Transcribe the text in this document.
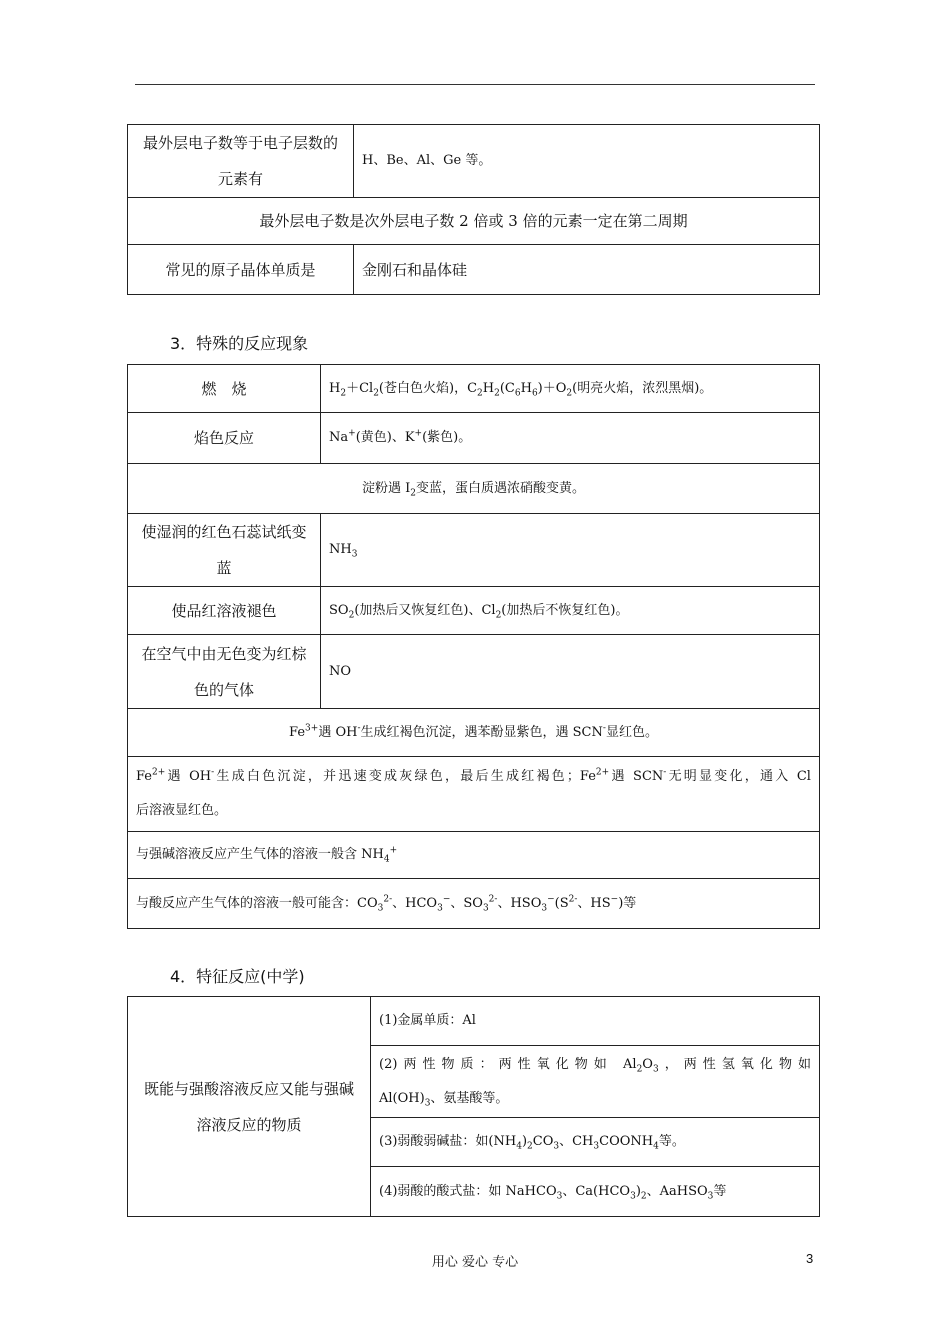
最外层电子数等于电子层数的元素有	H、Be、Al、Ge 等。
最外层电子数是次外层电子数 2 倍或 3 倍的元素一定在第二周期	
常见的原子晶体单质是	金刚石和晶体硅
3．特殊的反应现象
燃　烧	$H_2+Cl_2$(苍白色火焰)，$C_2H_2(C_6H_6)+O_2$(明亮火焰，浓烈黑烟)。
焰色反应	Na+(黄色)、K+(紫色)。
淀粉遇 $I_2$变蓝，蛋白质遇浓硝酸变黄。	
使湿润的红色石蕊试纸变蓝	$NH_3$
使品红溶液褪色	$SO_2$(加热后又恢复红色)、$Cl_2$(加热后不恢复红色)。
在空气中由无色变为红棕色的气体	NO
$Fe^{3+}$遇 OH-生成红褐色沉淀，遇苯酚显紫色，遇 SCN-显红色。	

$Fe^{2+}$遇 OH-生成白色沉淀，并迅速变成灰绿色，最后生成红褐色；$Fe^{2+}$遇 SCN-无明显变化，通入 Cl
后溶液显红色。	

与强碱溶液反应产生气体的溶液一般含 $NH_4^+$
与酸反应产生气体的溶液一般可能含：$CO_3^{2-}$、$HCO_3^-$、$SO_3^{2-}$、$HSO_3^-(S^{2-}$、HS−)等	
4．特征反应(中学)
既能与强酸溶液反应又能与强碱溶液反应的物质
	(1)金属单质：Al

(2)两性物质：两性氧化物如 $Al_2O_3$，两性氢氧化物如
$Al(OH)_3$、氨基酸等。

(3)弱酸弱碱盐：如$(NH_4)_2CO_3$、$CH_3COONH_4$等。
(4)弱酸的酸式盐：如 NaHCO$_3$、$Ca(HCO_3)_2$、AaHSO$_3$等
用心 爱心 专心	3
